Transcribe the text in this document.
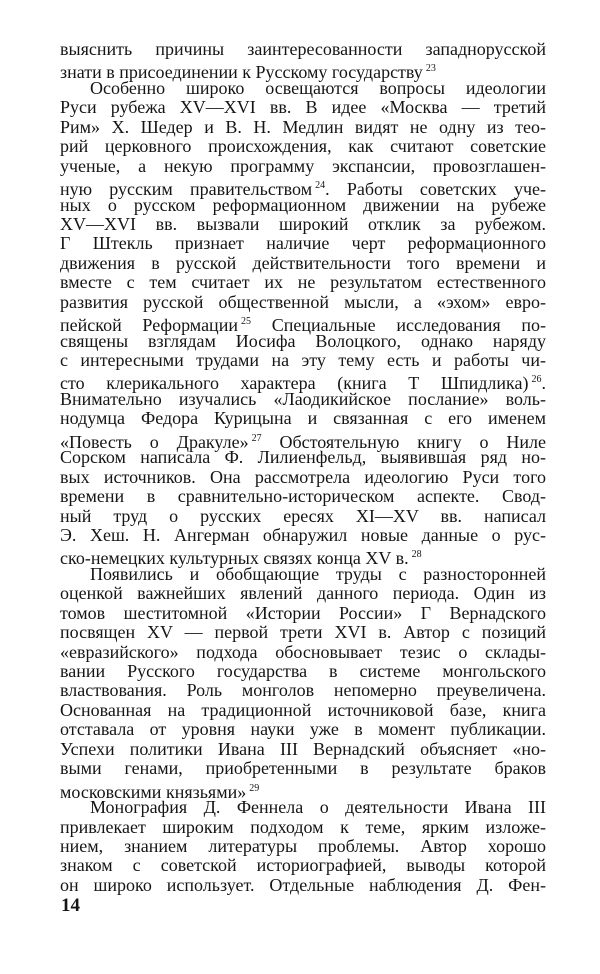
выяснить причины заинтересованности западнорусской
знати в присоединении к Русскому государству $^{23}$
Особенно широко освещаются вопросы идеологии
Руси рубежа XV—XVI вв. В идее «Москва — третий
Рим» Х. Шедер и В. Н. Медлин видят не одну из тео-
рий церковного происхождения, как считают советские
ученые, а некую программу экспансии, провозглашен-
ную русским правительством $^{24}$. Работы советских уче-
ных о русском реформационном движении на рубеже
XV—XVI вв. вызвали широкий отклик за рубежом.
Г Штекль признает наличие черт реформационного
движения в русской действительности того времени и
вместе с тем считает их не результатом естественного
развития русской общественной мысли, а «эхом» евро-
пейской Реформации $^{25}$ Специальные исследования по-
священы взглядам Иосифа Волоцкого, однако наряду
с интересными трудами на эту тему есть и работы чи-
сто клерикального характера (книга Т Шпидлика) $^{26}$.
Внимательно изучались «Лаодикийское послание» воль-
нодумца Федора Курицына и связанная с его именем
«Повесть о Дракуле» $^{27}$ Обстоятельную книгу о Ниле
Сорском написала Ф. Лилиенфельд, выявившая ряд но-
вых источников. Она рассмотрела идеологию Руси того
времени в сравнительно-историческом аспекте. Свод-
ный труд о русских ересях XI—XV вв. написал
Э. Хеш. Н. Ангерман обнаружил новые данные о рус-
ско-немецких культурных связях конца XV в. $^{28}$
Появились и обобщающие труды с разносторонней
оценкой важнейших явлений данного периода. Один из
томов шеститомной «Истории России» Г Вернадского
посвящен XV — первой трети XVI в. Автор с позиций
«евразийского» подхода обосновывает тезис о склады-
вании Русского государства в системе монгольского
властвования. Роль монголов непомерно преувеличена.
Основанная на традиционной источниковой базе, книга
отставала от уровня науки уже в момент публикации.
Успехи политики Ивана III Вернадский объясняет «но-
выми генами, приобретенными в результате браков
московскими князьями» $^{29}$
Монография Д. Феннела о деятельности Ивана III
привлекает широким подходом к теме, ярким изложе-
нием, знанием литературы проблемы. Автор хорошо
знаком с советской историографией, выводы которой
он широко использует. Отдельные наблюдения Д. Фен-
14
